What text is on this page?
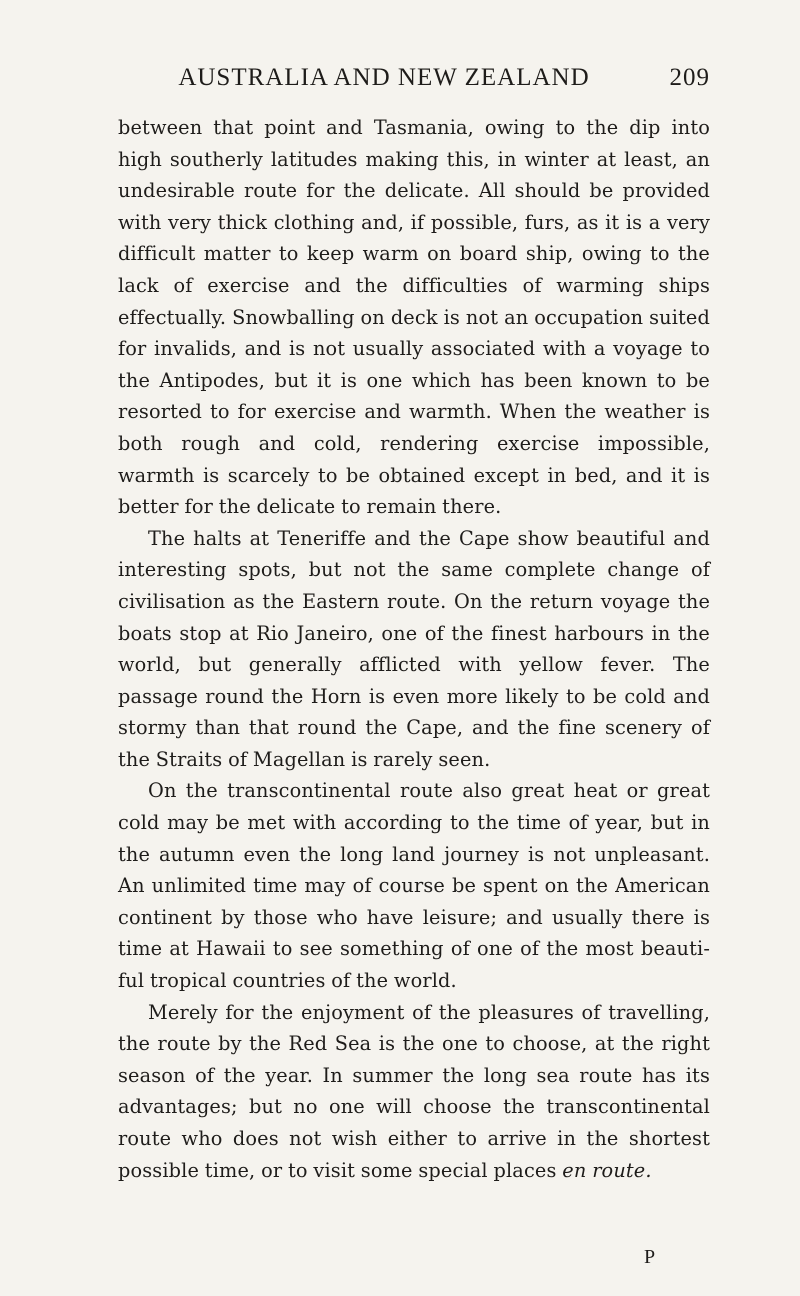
AUSTRALIA AND NEW ZEALAND	209

between that point and Tasmania, owing to the dip into high southerly latitudes making this, in winter at least, an undesirable route for the delicate. All should be provided with very thick clothing and, if possible, furs, as it is a very difficult matter to keep warm on board ship, owing to the lack of exercise and the difficulties of warming ships effectually. Snowballing on deck is not an occupation suited for invalids, and is not usually associated with a voyage to the Antipodes, but it is one which has been known to be resorted to for exercise and warmth. When the weather is both rough and cold, rendering exercise impossible, warmth is scarcely to be obtained except in bed, and it is better for the delicate to remain there.

The halts at Teneriffe and the Cape show beautiful and interesting spots, but not the same complete change of civilisation as the Eastern route. On the return voyage the boats stop at Rio Janeiro, one of the finest harbours in the world, but generally afflicted with yellow fever. The passage round the Horn is even more likely to be cold and stormy than that round the Cape, and the fine scenery of the Straits of Magellan is rarely seen.

On the transcontinental route also great heat or great cold may be met with according to the time of year, but in the autumn even the long land journey is not unpleasant. An unlimited time may of course be spent on the American continent by those who have leisure; and usually there is time at Hawaii to see something of one of the most beauti-ful tropical countries of the world.

Merely for the enjoyment of the pleasures of travelling, the route by the Red Sea is the one to choose, at the right season of the year. In summer the long sea route has its advantages; but no one will choose the transcontinental route who does not wish either to arrive in the shortest possible time, or to visit some special places en route.

P
